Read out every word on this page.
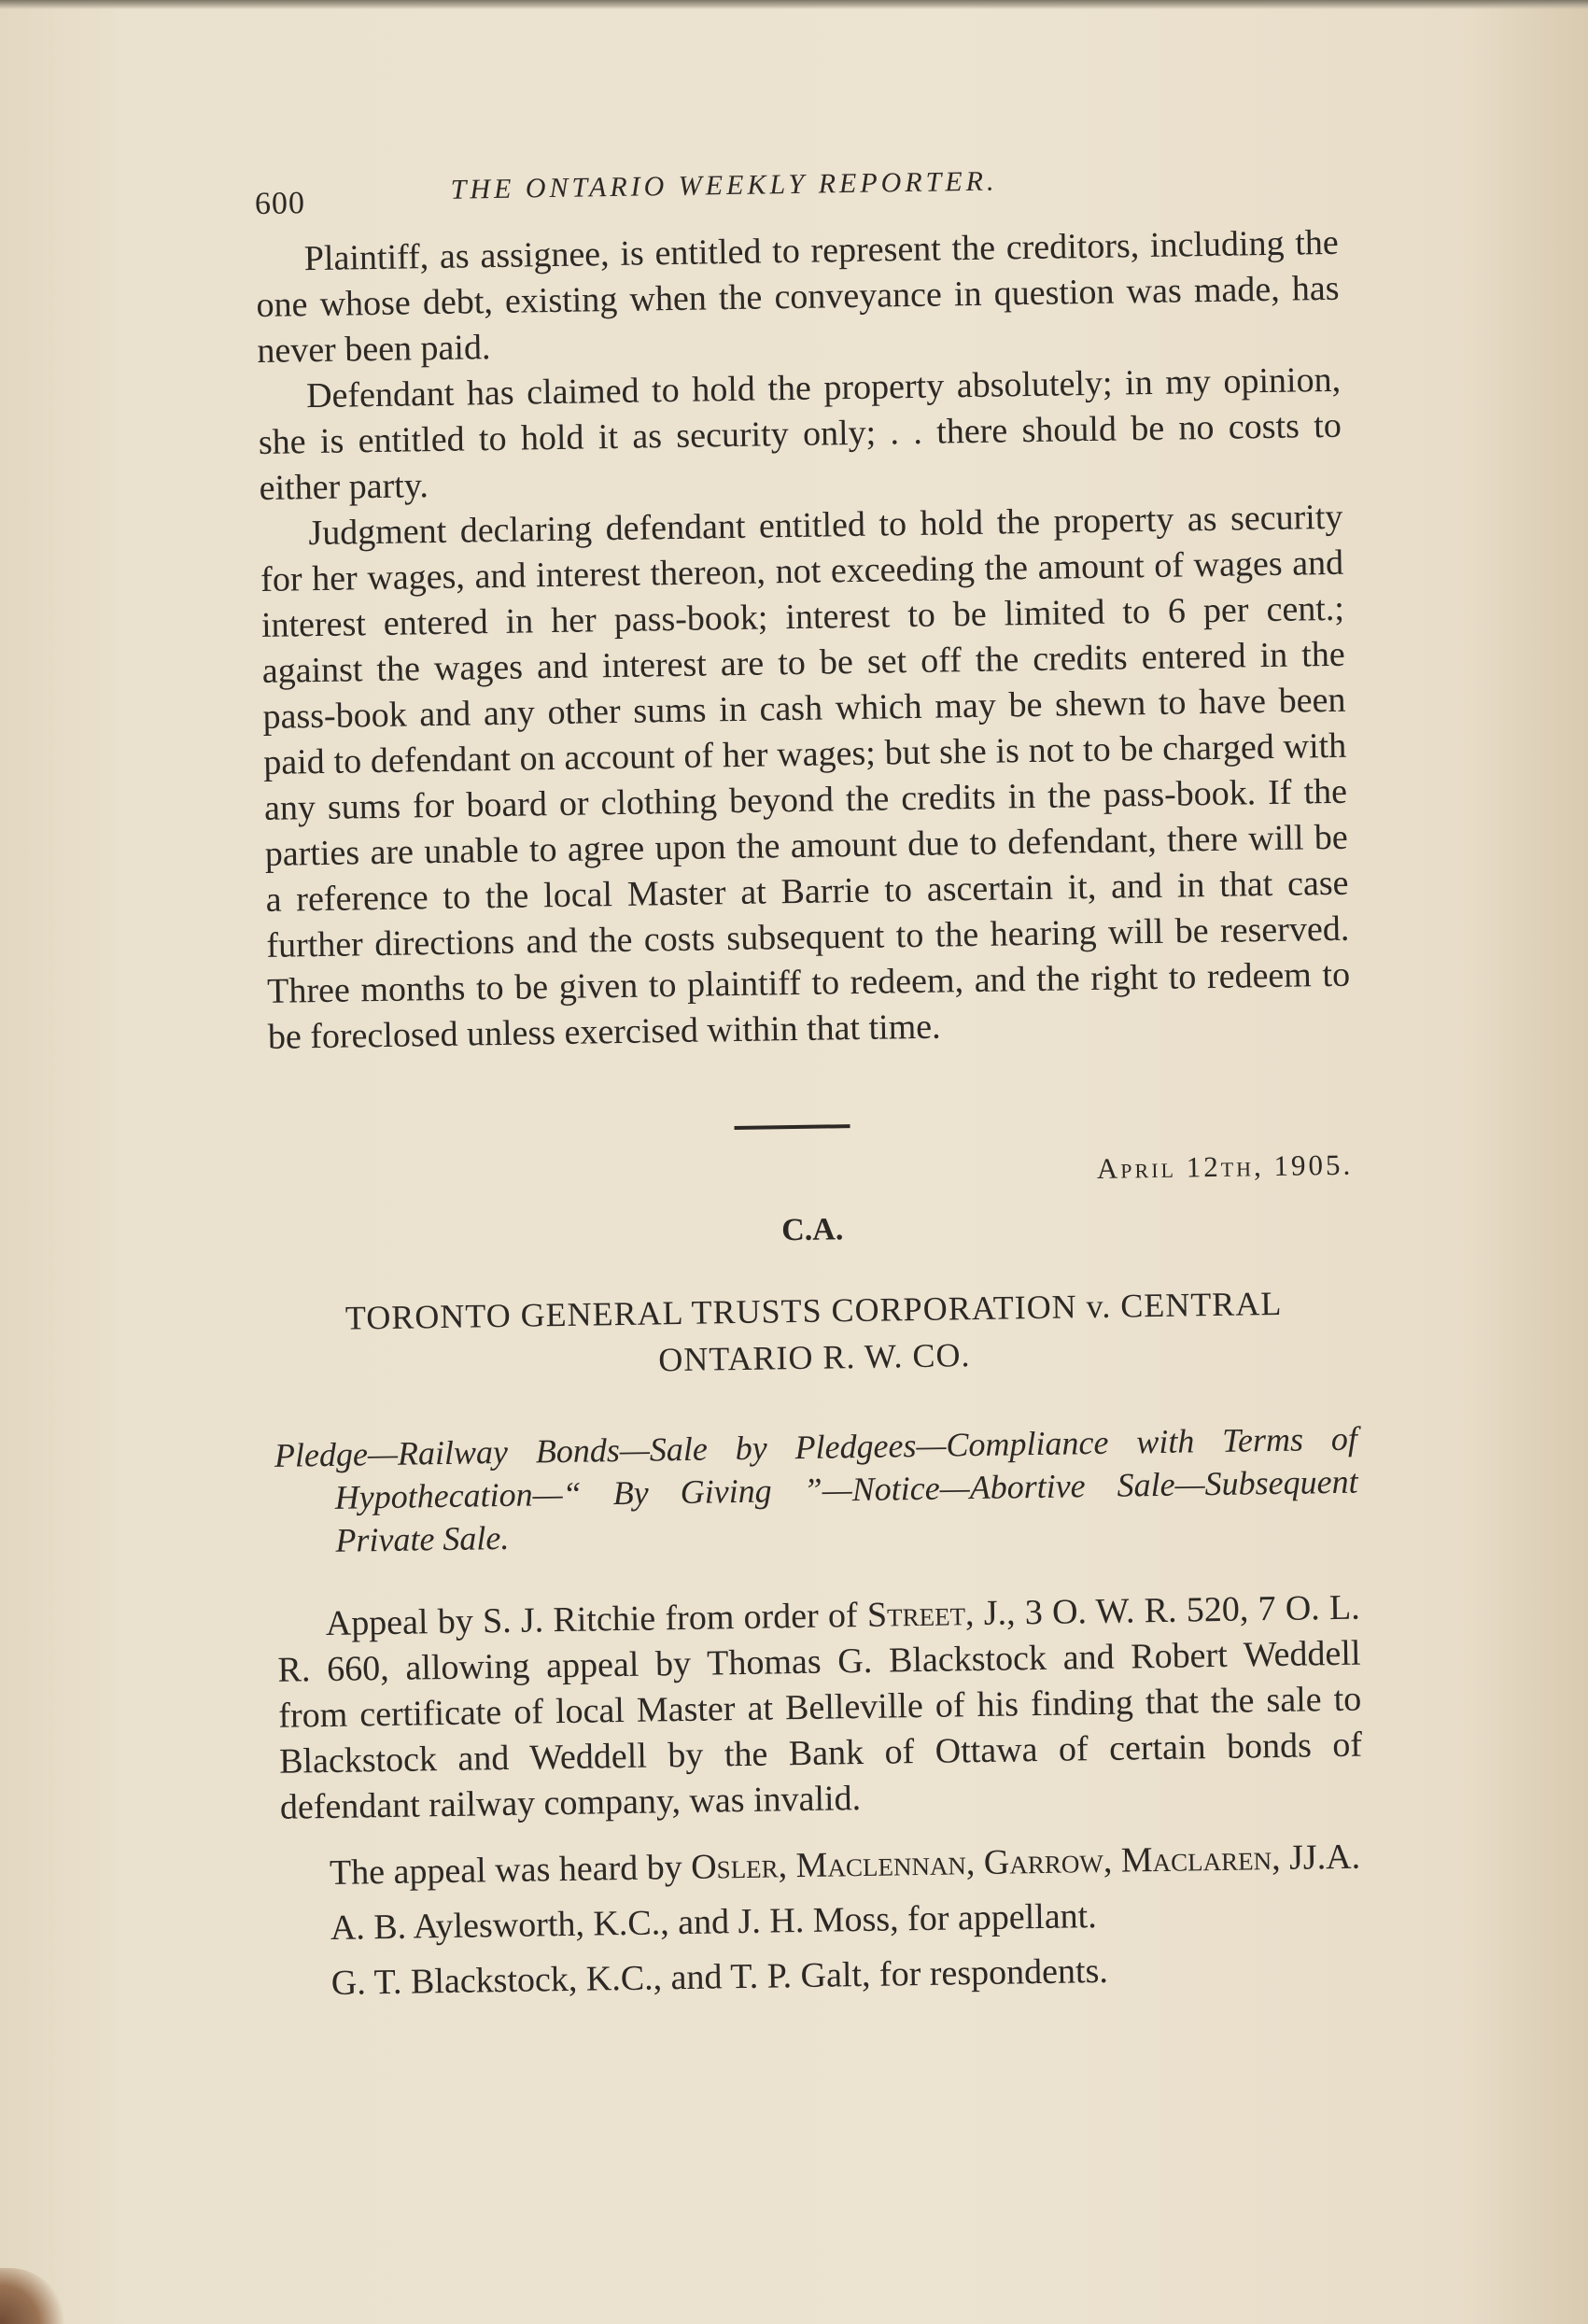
600	THE ONTARIO WEEKLY REPORTER.

Plaintiff, as assignee, is entitled to represent the creditors, including the one whose debt, existing when the conveyance in question was made, has never been paid.

Defendant has claimed to hold the property absolutely; in my opinion, she is entitled to hold it as security only; . . there should be no costs to either party.

Judgment declaring defendant entitled to hold the property as security for her wages, and interest thereon, not exceeding the amount of wages and interest entered in her pass-book; interest to be limited to 6 per cent.; against the wages and interest are to be set off the credits entered in the pass-book and any other sums in cash which may be shewn to have been paid to defendant on account of her wages; but she is not to be charged with any sums for board or clothing beyond the credits in the pass-book. If the parties are unable to agree upon the amount due to defendant, there will be a reference to the local Master at Barrie to ascertain it, and in that case further directions and the costs subsequent to the hearing will be reserved. Three months to be given to plaintiff to redeem, and the right to redeem to be foreclosed unless exercised within that time.

April 12th, 1905.
C.A.
TORONTO GENERAL TRUSTS CORPORATION v. CENTRAL ONTARIO R. W. CO.
Pledge—Railway Bonds—Sale by Pledgees—Compliance with Terms of Hypothecation—“ By Giving ”—Notice—Abortive Sale—Subsequent Private Sale.

Appeal by S. J. Ritchie from order of Street, J., 3 O. W. R. 520, 7 O. L. R. 660, allowing appeal by Thomas G. Blackstock and Robert Weddell from certificate of local Master at Belleville of his finding that the sale to Blackstock and Weddell by the Bank of Ottawa of certain bonds of defendant railway company, was invalid.

The appeal was heard by Osler, Maclennan, Garrow, Maclaren, JJ.A.

A. B. Aylesworth, K.C., and J. H. Moss, for appellant.

G. T. Blackstock, K.C., and T. P. Galt, for respondents.
